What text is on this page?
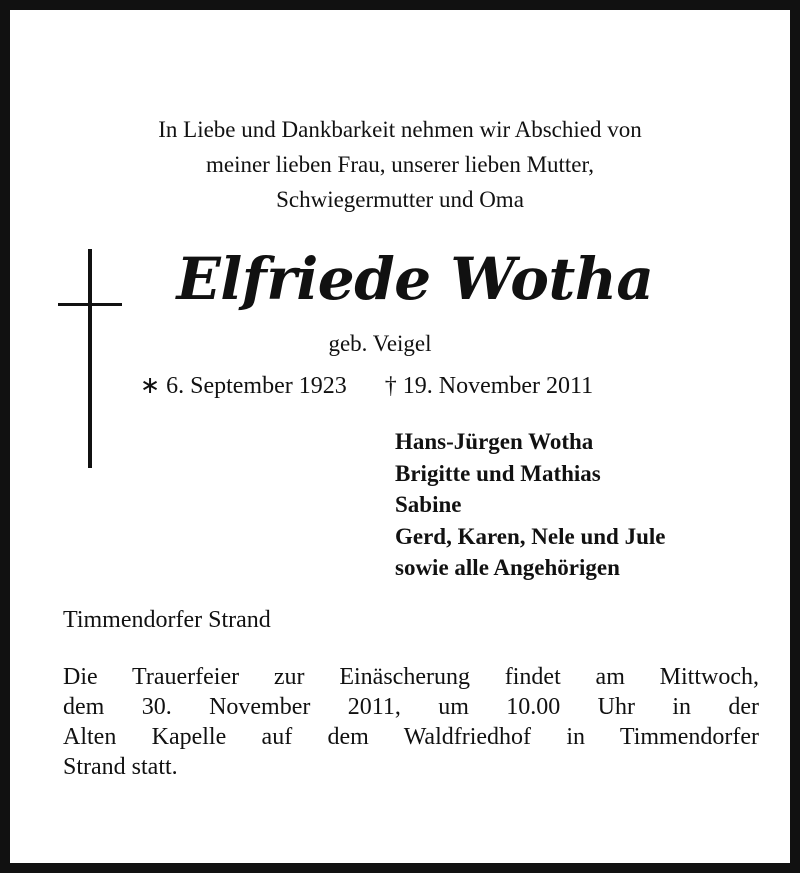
In Liebe und Dankbarkeit nehmen wir Abschied von
meiner lieben Frau, unserer lieben Mutter,
Schwiegermutter und Oma
Elfriede Wotha
geb. Veigel
∗ 6. September 1923 † 19. November 2011
Hans-Jürgen Wotha
Brigitte und Mathias
Sabine
Gerd, Karen, Nele und Jule
sowie alle Angehörigen
Timmendorfer Strand
Die Trauerfeier zur Einäscherung findet am Mittwoch,
dem 30. November 2011, um 10.00 Uhr in der
Alten Kapelle auf dem Waldfriedhof in Timmendorfer
Strand statt.
